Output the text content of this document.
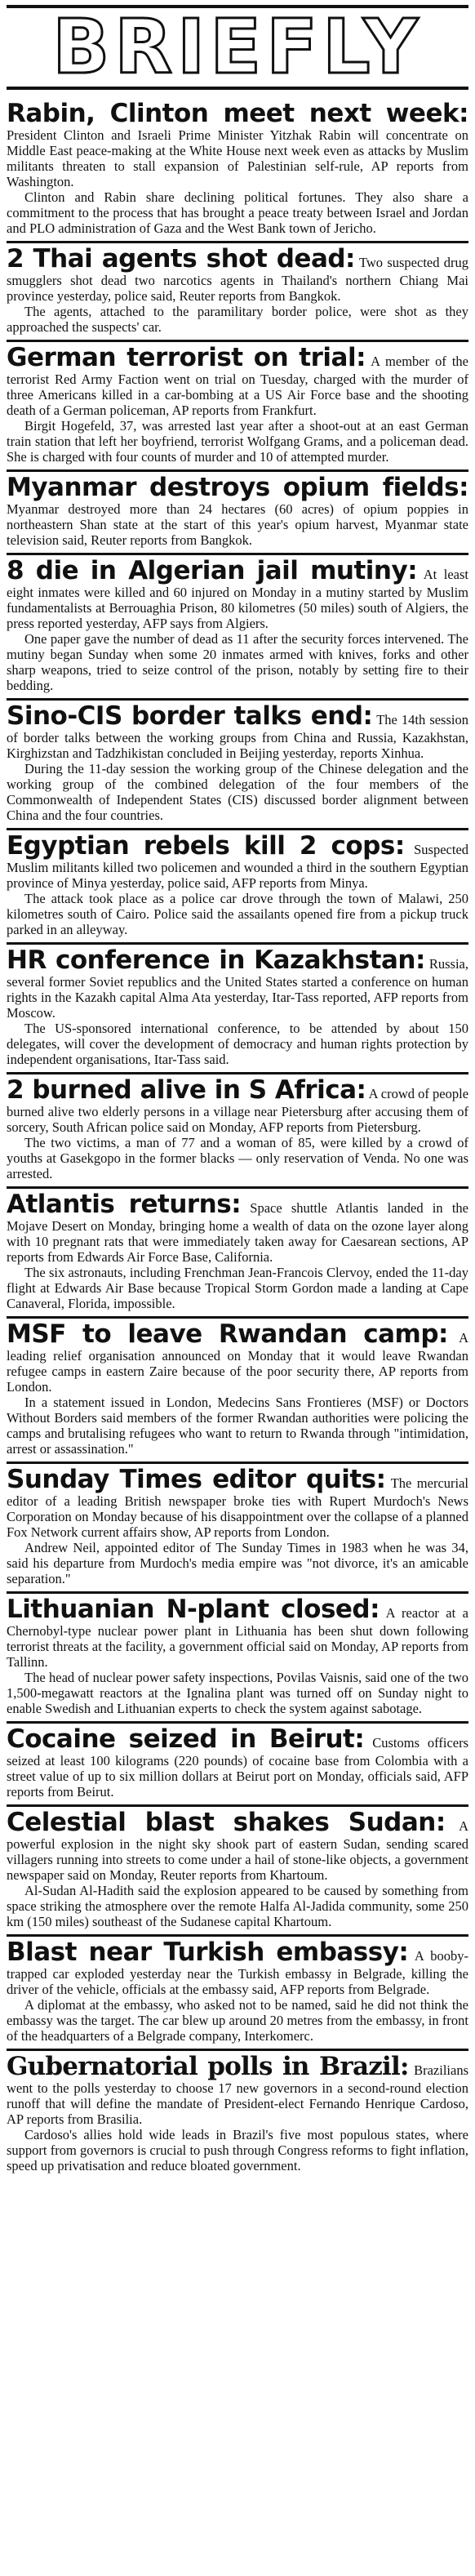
BRIEFLY

Rabin, Clinton meet next week: President Clinton and Israeli Prime Minister Yitzhak Rabin will concentrate on Middle East peace-making at the White House next week even as attacks by Muslim militants threaten to stall expansion of Palestinian self-rule, AP reports from Washington.

Clinton and Rabin share declining political fortunes. They also share a commitment to the process that has brought a peace treaty between Israel and Jordan and PLO administration of Gaza and the West Bank town of Jericho.

2 Thai agents shot dead: Two suspected drug smugglers shot dead two narcotics agents in Thailand's northern Chiang Mai province yesterday, police said, Reuter reports from Bangkok.

The agents, attached to the paramilitary border police, were shot as they approached the suspects' car.

German terrorist on trial: A member of the terrorist Red Army Faction went on trial on Tuesday, charged with the murder of three Americans killed in a car-bombing at a US Air Force base and the shooting death of a German policeman, AP reports from Frankfurt.

Birgit Hogefeld, 37, was arrested last year after a shoot-out at an east German train station that left her boyfriend, terrorist Wolfgang Grams, and a policeman dead. She is charged with four counts of murder and 10 of attempted murder.

Myanmar destroys opium fields: Myanmar destroyed more than 24 hectares (60 acres) of opium poppies in northeastern Shan state at the start of this year's opium harvest, Myanmar state television said, Reuter reports from Bangkok.

8 die in Algerian jail mutiny: At least eight inmates were killed and 60 injured on Monday in a mutiny started by Muslim fundamentalists at Berrouaghia Prison, 80 kilometres (50 miles) south of Algiers, the press reported yesterday, AFP says from Algiers.

One paper gave the number of dead as 11 after the security forces intervened. The mutiny began Sunday when some 20 inmates armed with knives, forks and other sharp weapons, tried to seize control of the prison, notably by setting fire to their bedding.

Sino-CIS border talks end: The 14th session of border talks between the working groups from China and Russia, Kazakhstan, Kirghizstan and Tadzhikistan concluded in Beijing yesterday, reports Xinhua.

During the 11-day session the working group of the Chinese delegation and the working group of the combined delegation of the four members of the Commonwealth of Independent States (CIS) discussed border alignment between China and the four countries.

Egyptian rebels kill 2 cops: Suspected Muslim militants killed two policemen and wounded a third in the southern Egyptian province of Minya yesterday, police said, AFP reports from Minya.

The attack took place as a police car drove through the town of Malawi, 250 kilometres south of Cairo. Police said the assailants opened fire from a pickup truck parked in an alleyway.

HR conference in Kazakhstan: Russia, several former Soviet republics and the United States started a conference on human rights in the Kazakh capital Alma Ata yesterday, Itar-Tass reported, AFP reports from Moscow.

The US-sponsored international conference, to be attended by about 150 delegates, will cover the development of democracy and human rights protection by independent organisations, Itar-Tass said.

2 burned alive in S Africa: A crowd of people burned alive two elderly persons in a village near Pietersburg after accusing them of sorcery, South African police said on Monday, AFP reports from Pietersburg.

The two victims, a man of 77 and a woman of 85, were killed by a crowd of youths at Gasekgopo in the former blacks — only reservation of Venda. No one was arrested.

Atlantis returns: Space shuttle Atlantis landed in the Mojave Desert on Monday, bringing home a wealth of data on the ozone layer along with 10 pregnant rats that were immediately taken away for Caesarean sections, AP reports from Edwards Air Force Base, California.

The six astronauts, including Frenchman Jean-Francois Clervoy, ended the 11-day flight at Edwards Air Base because Tropical Storm Gordon made a landing at Cape Canaveral, Florida, impossible.

MSF to leave Rwandan camp: A leading relief organisation announced on Monday that it would leave Rwandan refugee camps in eastern Zaire because of the poor security there, AP reports from London.

In a statement issued in London, Medecins Sans Frontieres (MSF) or Doctors Without Borders said members of the former Rwandan authorities were policing the camps and brutalising refugees who want to return to Rwanda through "intimidation, arrest or assassination."

Sunday Times editor quits: The mercurial editor of a leading British newspaper broke ties with Rupert Murdoch's News Corporation on Monday because of his disappointment over the collapse of a planned Fox Network current affairs show, AP reports from London.

Andrew Neil, appointed editor of The Sunday Times in 1983 when he was 34, said his departure from Murdoch's media empire was "not divorce, it's an amicable separation."

Lithuanian N-plant closed: A reactor at a Chernobyl-type nuclear power plant in Lithuania has been shut down following terrorist threats at the facility, a government official said on Monday, AP reports from Tallinn.

The head of nuclear power safety inspections, Povilas Vaisnis, said one of the two 1,500-megawatt reactors at the Ignalina plant was turned off on Sunday night to enable Swedish and Lithuanian experts to check the system against sabotage.

Cocaine seized in Beirut: Customs officers seized at least 100 kilograms (220 pounds) of cocaine base from Colombia with a street value of up to six million dollars at Beirut port on Monday, officials said, AFP reports from Beirut.

Celestial blast shakes Sudan: A powerful explosion in the night sky shook part of eastern Sudan, sending scared villagers running into streets to come under a hail of stone-like objects, a government newspaper said on Monday, Reuter reports from Khartoum.

Al-Sudan Al-Hadith said the explosion appeared to be caused by something from space striking the atmosphere over the remote Halfa Al-Jadida community, some 250 km (150 miles) southeast of the Sudanese capital Khartoum.

Blast near Turkish embassy: A booby-trapped car exploded yesterday near the Turkish embassy in Belgrade, killing the driver of the vehicle, officials at the embassy said, AFP reports from Belgrade.

A diplomat at the embassy, who asked not to be named, said he did not think the embassy was the target. The car blew up around 20 metres from the embassy, in front of the headquarters of a Belgrade company, Interkomerc.

Gubernatorial polls in Brazil: Brazilians went to the polls yesterday to choose 17 new governors in a second-round election runoff that will define the mandate of President-elect Fernando Henrique Cardoso, AP reports from Brasilia.

Cardoso's allies hold wide leads in Brazil's five most populous states, where support from governors is crucial to push through Congress reforms to fight inflation, speed up privatisation and reduce bloated government.
